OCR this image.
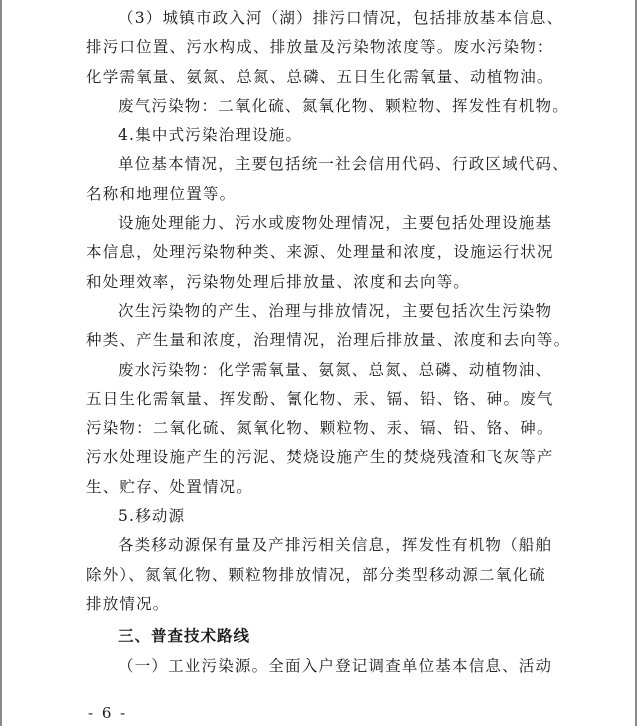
（3）城镇市政入河（湖）排污口情况，包括排放基本信息、
排污口位置、污水构成、排放量及污染物浓度等。废水污染物：
化学需氧量、氨氮、总氮、总磷、五日生化需氧量、动植物油。
废气污染物：二氧化硫、氮氧化物、颗粒物、挥发性有机物。
4.集中式污染治理设施。
单位基本情况，主要包括统一社会信用代码、行政区域代码、
名称和地理位置等。
设施处理能力、污水或废物处理情况，主要包括处理设施基
本信息，处理污染物种类、来源、处理量和浓度，设施运行状况
和处理效率，污染物处理后排放量、浓度和去向等。
次生污染物的产生、治理与排放情况，主要包括次生污染物
种类、产生量和浓度，治理情况，治理后排放量、浓度和去向等。
废水污染物：化学需氧量、氨氮、总氮、总磷、动植物油、
五日生化需氧量、挥发酚、氰化物、汞、镉、铅、铬、砷。废气
污染物：二氧化硫、氮氧化物、颗粒物、汞、镉、铅、铬、砷。
污水处理设施产生的污泥、焚烧设施产生的焚烧残渣和飞灰等产
生、贮存、处置情况。
5.移动源
各类移动源保有量及产排污相关信息，挥发性有机物（船舶
除外）、氮氧化物、颗粒物排放情况，部分类型移动源二氧化硫
排放情况。
三、普查技术路线
（一）工业污染源。全面入户登记调查单位基本信息、活动
- 6 -
